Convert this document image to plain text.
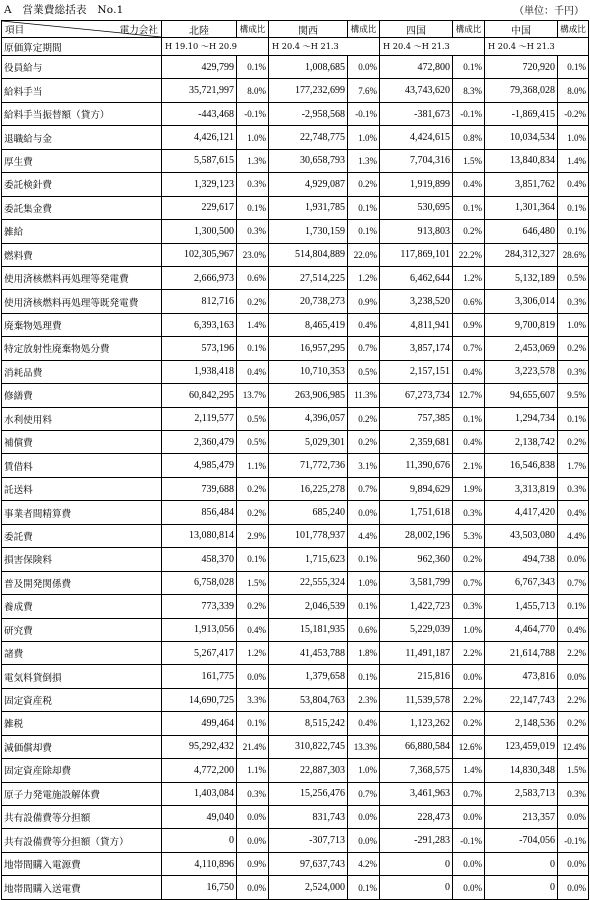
A　営業費総括表　No.1	（単位：千円）
項目 電力会社	北陸	構成比	関西	構成比	四国	構成比	中国	構成比
原価算定期間	H 19.10 ～H 20.9		H 20.4 ～H 21.3		H 20.4 ～H 21.3		H 20.4 ～H 21.3	
役員給与	429,799	0.1%	1,008,685	0.0%	472,800	0.1%	720,920	0.1%
給料手当	35,721,997	8.0%	177,232,699	7.6%	43,743,620	8.3%	79,368,028	8.0%
給料手当振替額（貸方）	-443,468	-0.1%	-2,958,568	-0.1%	-381,673	-0.1%	-1,869,415	-0.2%
退職給与金	4,426,121	1.0%	22,748,775	1.0%	4,424,615	0.8%	10,034,534	1.0%
厚生費	5,587,615	1.3%	30,658,793	1.3%	7,704,316	1.5%	13,840,834	1.4%
委託検針費	1,329,123	0.3%	4,929,087	0.2%	1,919,899	0.4%	3,851,762	0.4%
委託集金費	229,617	0.1%	1,931,785	0.1%	530,695	0.1%	1,301,364	0.1%
雑給	1,300,500	0.3%	1,730,159	0.1%	913,803	0.2%	646,480	0.1%
燃料費	102,305,967	23.0%	514,804,889	22.0%	117,869,101	22.2%	284,312,327	28.6%
使用済核燃料再処理等発電費	2,666,973	0.6%	27,514,225	1.2%	6,462,644	1.2%	5,132,189	0.5%
使用済核燃料再処理等既発電費	812,716	0.2%	20,738,273	0.9%	3,238,520	0.6%	3,306,014	0.3%
廃棄物処理費	6,393,163	1.4%	8,465,419	0.4%	4,811,941	0.9%	9,700,819	1.0%
特定放射性廃棄物処分費	573,196	0.1%	16,957,295	0.7%	3,857,174	0.7%	2,453,069	0.2%
消耗品費	1,938,418	0.4%	10,710,353	0.5%	2,157,151	0.4%	3,223,578	0.3%
修繕費	60,842,295	13.7%	263,906,985	11.3%	67,273,734	12.7%	94,655,607	9.5%
水利使用料	2,119,577	0.5%	4,396,057	0.2%	757,385	0.1%	1,294,734	0.1%
補償費	2,360,479	0.5%	5,029,301	0.2%	2,359,681	0.4%	2,138,742	0.2%
賃借料	4,985,479	1.1%	71,772,736	3.1%	11,390,676	2.1%	16,546,838	1.7%
託送料	739,688	0.2%	16,225,278	0.7%	9,894,629	1.9%	3,313,819	0.3%
事業者間精算費	856,484	0.2%	685,240	0.0%	1,751,618	0.3%	4,417,420	0.4%
委託費	13,080,814	2.9%	101,778,937	4.4%	28,002,196	5.3%	43,503,080	4.4%
損害保険料	458,370	0.1%	1,715,623	0.1%	962,360	0.2%	494,738	0.0%
普及開発関係費	6,758,028	1.5%	22,555,324	1.0%	3,581,799	0.7%	6,767,343	0.7%
養成費	773,339	0.2%	2,046,539	0.1%	1,422,723	0.3%	1,455,713	0.1%
研究費	1,913,056	0.4%	15,181,935	0.6%	5,229,039	1.0%	4,464,770	0.4%
諸費	5,267,417	1.2%	41,453,788	1.8%	11,491,187	2.2%	21,614,788	2.2%
電気料貸倒損	161,775	0.0%	1,379,658	0.1%	215,816	0.0%	473,816	0.0%
固定資産税	14,690,725	3.3%	53,804,763	2.3%	11,539,578	2.2%	22,147,743	2.2%
雑税	499,464	0.1%	8,515,242	0.4%	1,123,262	0.2%	2,148,536	0.2%
減価償却費	95,292,432	21.4%	310,822,745	13.3%	66,880,584	12.6%	123,459,019	12.4%
固定資産除却費	4,772,200	1.1%	22,887,303	1.0%	7,368,575	1.4%	14,830,348	1.5%
原子力発電施設解体費	1,403,084	0.3%	15,256,476	0.7%	3,461,963	0.7%	2,583,713	0.3%
共有設備費等分担額	49,040	0.0%	831,743	0.0%	228,473	0.0%	213,357	0.0%
共有設備費等分担額（貸方）	0	0.0%	-307,713	0.0%	-291,283	-0.1%	-704,056	-0.1%
地帯間購入電源費	4,110,896	0.9%	97,637,743	4.2%	0	0.0%	0	0.0%
地帯間購入送電費	16,750	0.0%	2,524,000	0.1%	0	0.0%	0	0.0%
